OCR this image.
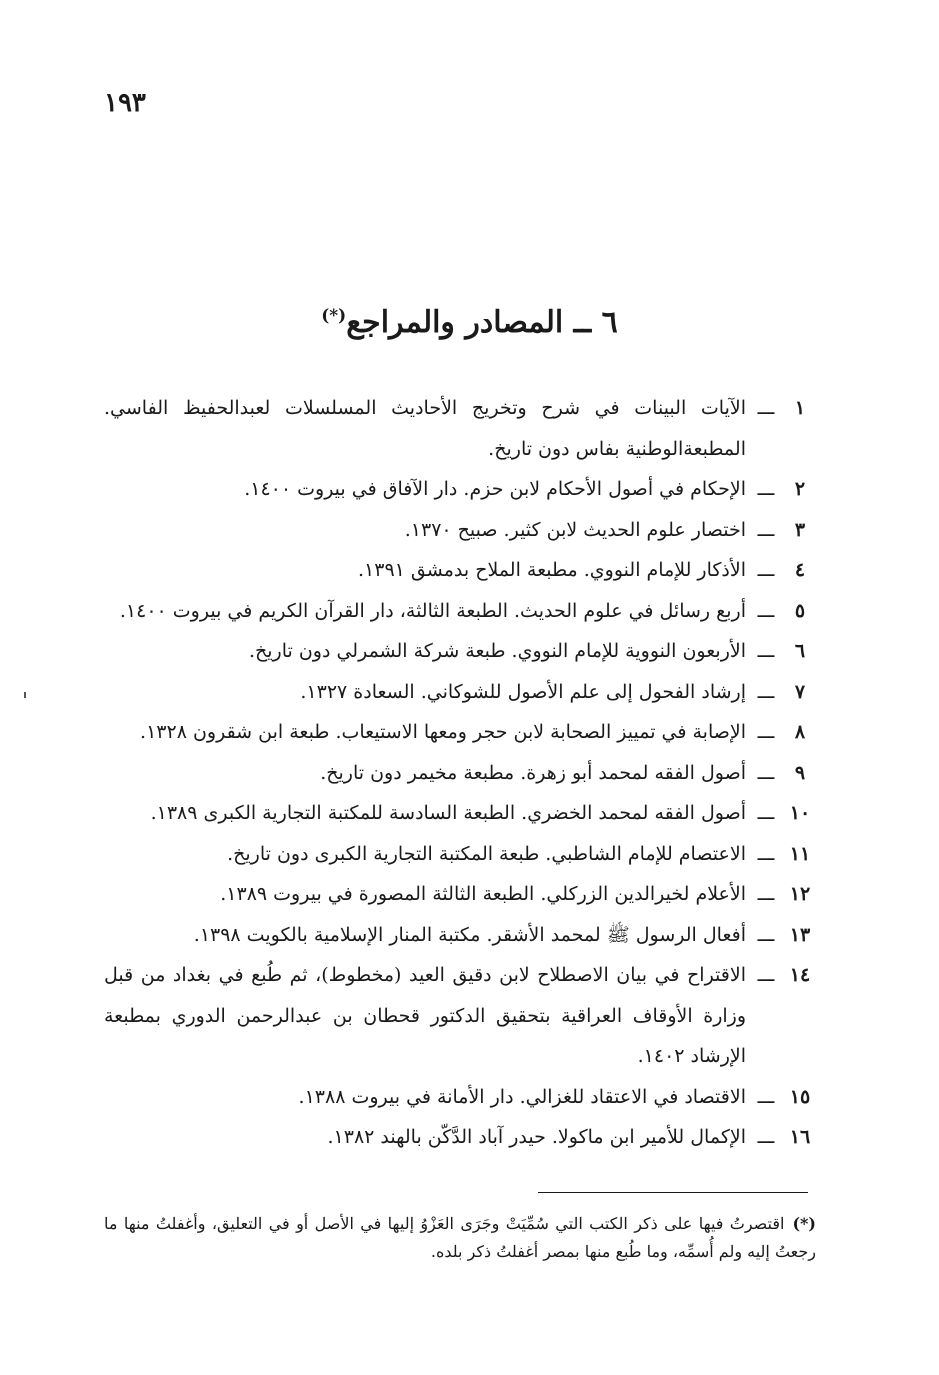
١٩٣
٦ ــ المصادر والمراجع(*)
١
ـــ
الآيات البينات في شرح وتخريج الأحاديث المسلسلات لعبدالحفيظ الفاسي. المطبعةالوطنية بفاس دون تاريخ.
٢
ـــ
الإحكام في أصول الأحكام لابن حزم. دار الآفاق في بيروت ١٤٠٠.
٣
ـــ
اختصار علوم الحديث لابن كثير. صبيح ١٣٧٠.
٤
ـــ
الأذكار للإمام النووي. مطبعة الملاح بدمشق ١٣٩١.
٥
ـــ
أربع رسائل في علوم الحديث. الطبعة الثالثة، دار القرآن الكريم في بيروت ١٤٠٠.
٦
ـــ
الأربعون النووية للإمام النووي. طبعة شركة الشمرلي دون تاريخ.
٧
ـــ
إرشاد الفحول إلى علم الأصول للشوكاني. السعادة ١٣٢٧.
٨
ـــ
الإصابة في تمييز الصحابة لابن حجر ومعها الاستيعاب. طبعة ابن شقرون ١٣٢٨.
٩
ـــ
أصول الفقه لمحمد أبو زهرة. مطبعة مخيمر دون تاريخ.
١٠
ـــ
أصول الفقه لمحمد الخضري. الطبعة السادسة للمكتبة التجارية الكبرى ١٣٨٩.
١١
ـــ
الاعتصام للإمام الشاطبي. طبعة المكتبة التجارية الكبرى دون تاريخ.
١٢
ـــ
الأعلام لخيرالدين الزركلي. الطبعة الثالثة المصورة في بيروت ١٣٨٩.
١٣
ـــ
أفعال الرسول ﷺ لمحمد الأشقر. مكتبة المنار الإسلامية بالكويت ١٣٩٨.
١٤
ـــ
الاقتراح في بيان الاصطلاح لابن دقيق العيد (مخطوط)، ثم طُبع في بغداد من قبل وزارة الأوقاف العراقية بتحقيق الدكتور قحطان بن عبدالرحمن الدوري بمطبعة الإرشاد ١٤٠٢.
١٥
ـــ
الاقتصاد في الاعتقاد للغزالي. دار الأمانة في بيروت ١٣٨٨.
١٦
ـــ
الإكمال للأمير ابن ماكولا. حيدر آباد الدَّكّن بالهند ١٣٨٢.
(*)اقتصرتُ فيها على ذكر الكتب التي سُمِّيَتْ وجَرَى العَزْوُ إليها في الأصل أو في التعليق، وأغفلتُ منها ما رجعتُ إليه ولم أُسمِّه، وما طُبع منها بمصر أغفلتُ ذكر بلده.
